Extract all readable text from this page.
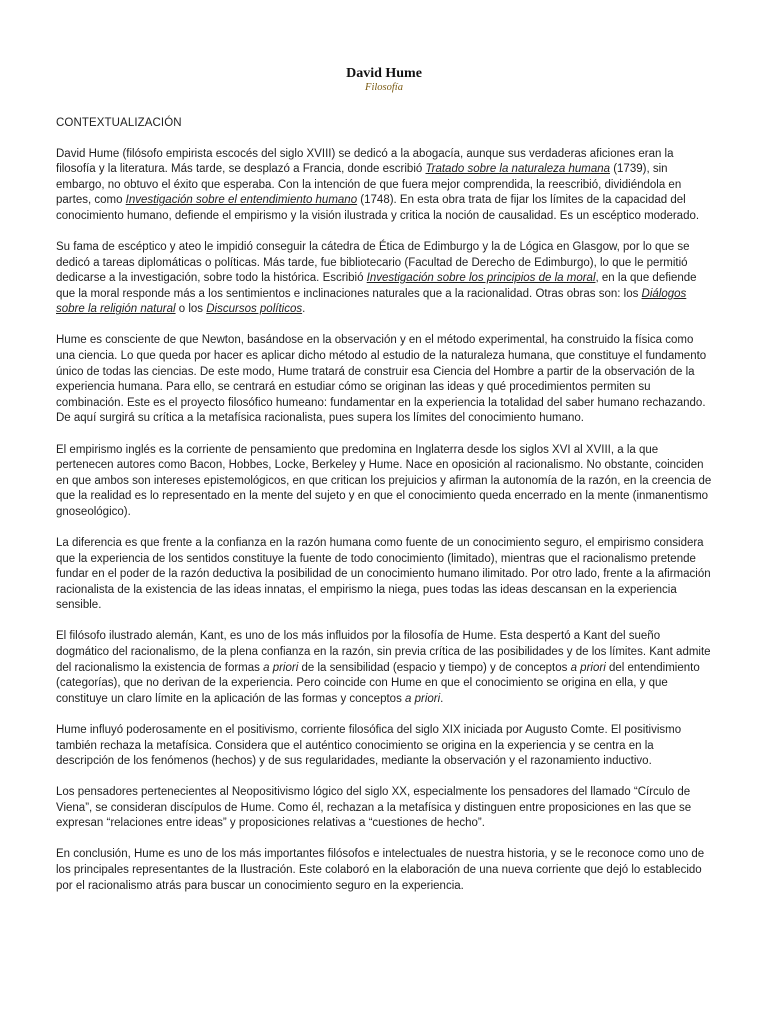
David Hume
Filosofía
CONTEXTUALIZACIÓN

David Hume (filósofo empirista escocés del siglo XVIII) se dedicó a la abogacía, aunque sus verdaderas aficiones eran la filosofía y la literatura. Más tarde, se desplazó a Francia, donde escribió Tratado sobre la naturaleza humana (1739), sin embargo, no obtuvo el éxito que esperaba. Con la intención de que fuera mejor comprendida, la reescribió, dividiéndola en partes, como Investigación sobre el entendimiento humano (1748). En esta obra trata de fijar los límites de la capacidad del conocimiento humano, defiende el empirismo y la visión ilustrada y critica la noción de causalidad. Es un escéptico moderado.

Su fama de escéptico y ateo le impidió conseguir la cátedra de Ética de Edimburgo y la de Lógica en Glasgow, por lo que se dedicó a tareas diplomáticas o políticas. Más tarde, fue bibliotecario (Facultad de Derecho de Edimburgo), lo que le permitió dedicarse a la investigación, sobre todo la histórica. Escribió Investigación sobre los principios de la moral, en la que defiende que la moral responde más a los sentimientos e inclinaciones naturales que a la racionalidad. Otras obras son: los Diálogos sobre la religión natural o los Discursos políticos.

Hume es consciente de que Newton, basándose en la observación y en el método experimental, ha construido la física como una ciencia. Lo que queda por hacer es aplicar dicho método al estudio de la naturaleza humana, que constituye el fundamento único de todas las ciencias. De este modo, Hume tratará de construir esa Ciencia del Hombre a partir de la observación de la experiencia humana. Para ello, se centrará en estudiar cómo se originan las ideas y qué procedimientos permiten su combinación. Este es el proyecto filosófico humeano: fundamentar en la experiencia la totalidad del saber humano rechazando. De aquí surgirá su crítica a la metafísica racionalista, pues supera los límites del conocimiento humano.

El empirismo inglés es la corriente de pensamiento que predomina en Inglaterra desde los siglos XVI al XVIII, a la que pertenecen autores como Bacon, Hobbes, Locke, Berkeley y Hume. Nace en oposición al racionalismo. No obstante, coinciden en que ambos son intereses epistemológicos, en que critican los prejuicios y afirman la autonomía de la razón, en la creencia de que la realidad es lo representado en la mente del sujeto y en que el conocimiento queda encerrado en la mente (inmanentismo gnoseológico).

La diferencia es que frente a la confianza en la razón humana como fuente de un conocimiento seguro, el empirismo considera que la experiencia de los sentidos constituye la fuente de todo conocimiento (limitado), mientras que el racionalismo pretende fundar en el poder de la razón deductiva la posibilidad de un conocimiento humano ilimitado. Por otro lado, frente a la afirmación racionalista de la existencia de las ideas innatas, el empirismo la niega, pues todas las ideas descansan en la experiencia sensible.

El filósofo ilustrado alemán, Kant, es uno de los más influidos por la filosofía de Hume. Esta despertó a Kant del sueño dogmático del racionalismo, de la plena confianza en la razón, sin previa crítica de las posibilidades y de los límites. Kant admite del racionalismo la existencia de formas a priori de la sensibilidad (espacio y tiempo) y de conceptos a priori del entendimiento (categorías), que no derivan de la experiencia. Pero coincide con Hume en que el conocimiento se origina en ella, y que constituye un claro límite en la aplicación de las formas y conceptos a priori.

Hume influyó poderosamente en el positivismo, corriente filosófica del siglo XIX iniciada por Augusto Comte. El positivismo también rechaza la metafísica. Considera que el auténtico conocimiento se origina en la experiencia y se centra en la descripción de los fenómenos (hechos) y de sus regularidades, mediante la observación y el razonamiento inductivo.

Los pensadores pertenecientes al Neopositivismo lógico del siglo XX, especialmente los pensadores del llamado “Círculo de Viena”, se consideran discípulos de Hume. Como él, rechazan a la metafísica y distinguen entre proposiciones en las que se expresan “relaciones entre ideas” y proposiciones relativas a “cuestiones de hecho”.

En conclusión, Hume es uno de los más importantes filósofos e intelectuales de nuestra historia, y se le reconoce como uno de los principales representantes de la Ilustración. Este colaboró en la elaboración de una nueva corriente que dejó lo establecido por el racionalismo atrás para buscar un conocimiento seguro en la experiencia.
